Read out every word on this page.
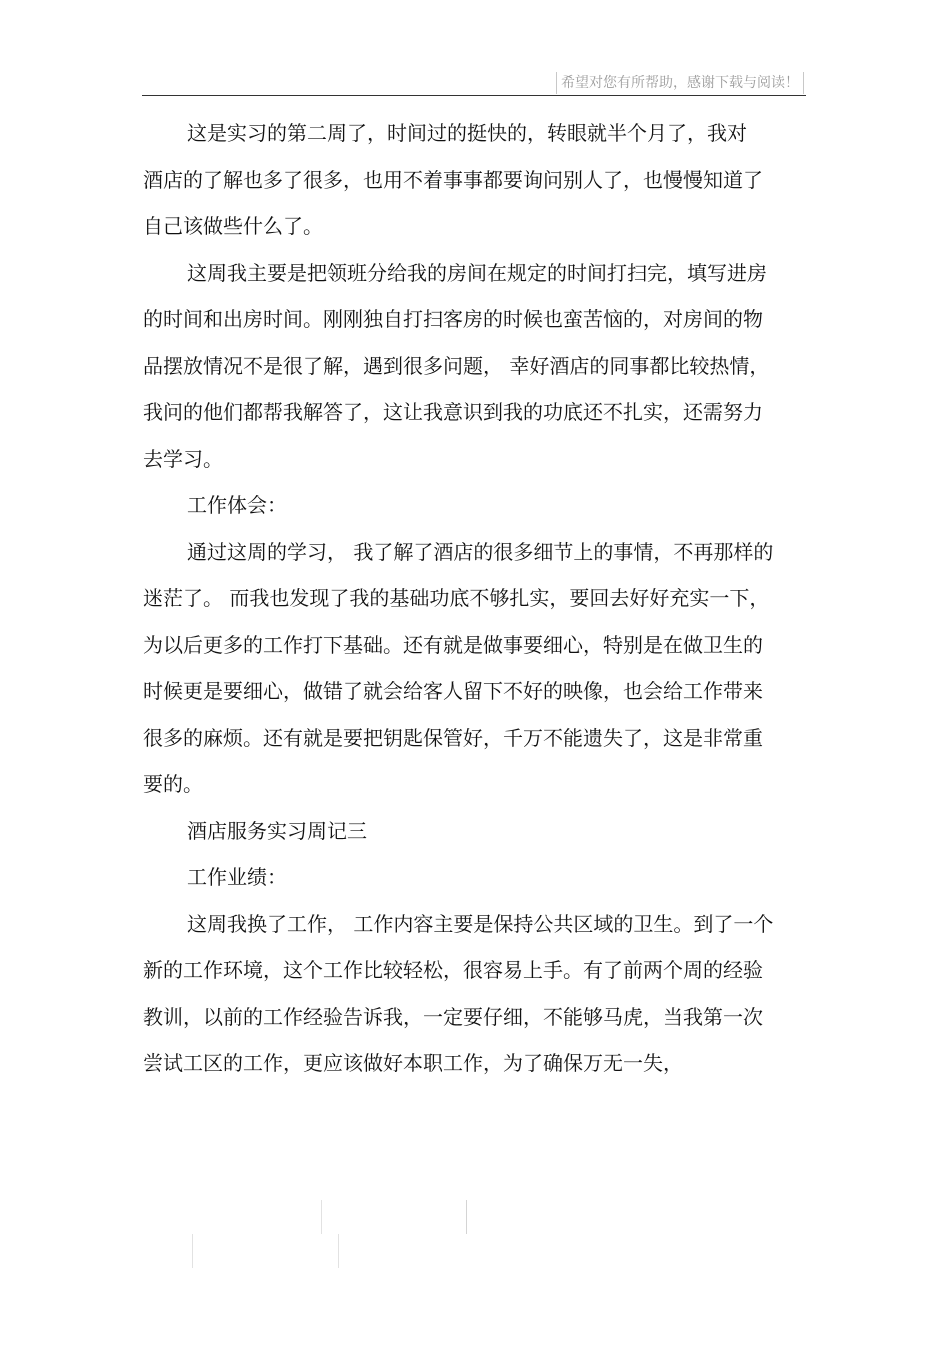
希望对您有所帮助，感谢下载与阅读！

这是实习的第二周了，时间过的挺快的，转眼就半个月了，我对
酒店的了解也多了很多，也用不着事事都要询问别人了，也慢慢知道了
自己该做些什么了。

这周我主要是把领班分给我的房间在规定的时间打扫完，填写进房
的时间和出房时间。刚刚独自打扫客房的时候也蛮苦恼的，对房间的物
品摆放情况不是很了解，遇到很多问题， 幸好酒店的同事都比较热情，
我问的他们都帮我解答了，这让我意识到我的功底还不扎实，还需努力
去学习。

工作体会：

通过这周的学习， 我了解了酒店的很多细节上的事情，不再那样的
迷茫了。 而我也发现了我的基础功底不够扎实，要回去好好充实一下，
为以后更多的工作打下基础。还有就是做事要细心，特别是在做卫生的
时候更是要细心，做错了就会给客人留下不好的映像，也会给工作带来
很多的麻烦。还有就是要把钥匙保管好，千万不能遗失了，这是非常重
要的。

酒店服务实习周记三

工作业绩：

这周我换了工作， 工作内容主要是保持公共区域的卫生。到了一个
新的工作环境，这个工作比较轻松，很容易上手。有了前两个周的经验
教训，以前的工作经验告诉我，一定要仔细，不能够马虎，当我第一次
尝试工区的工作，更应该做好本职工作，为了确保万无一失，
